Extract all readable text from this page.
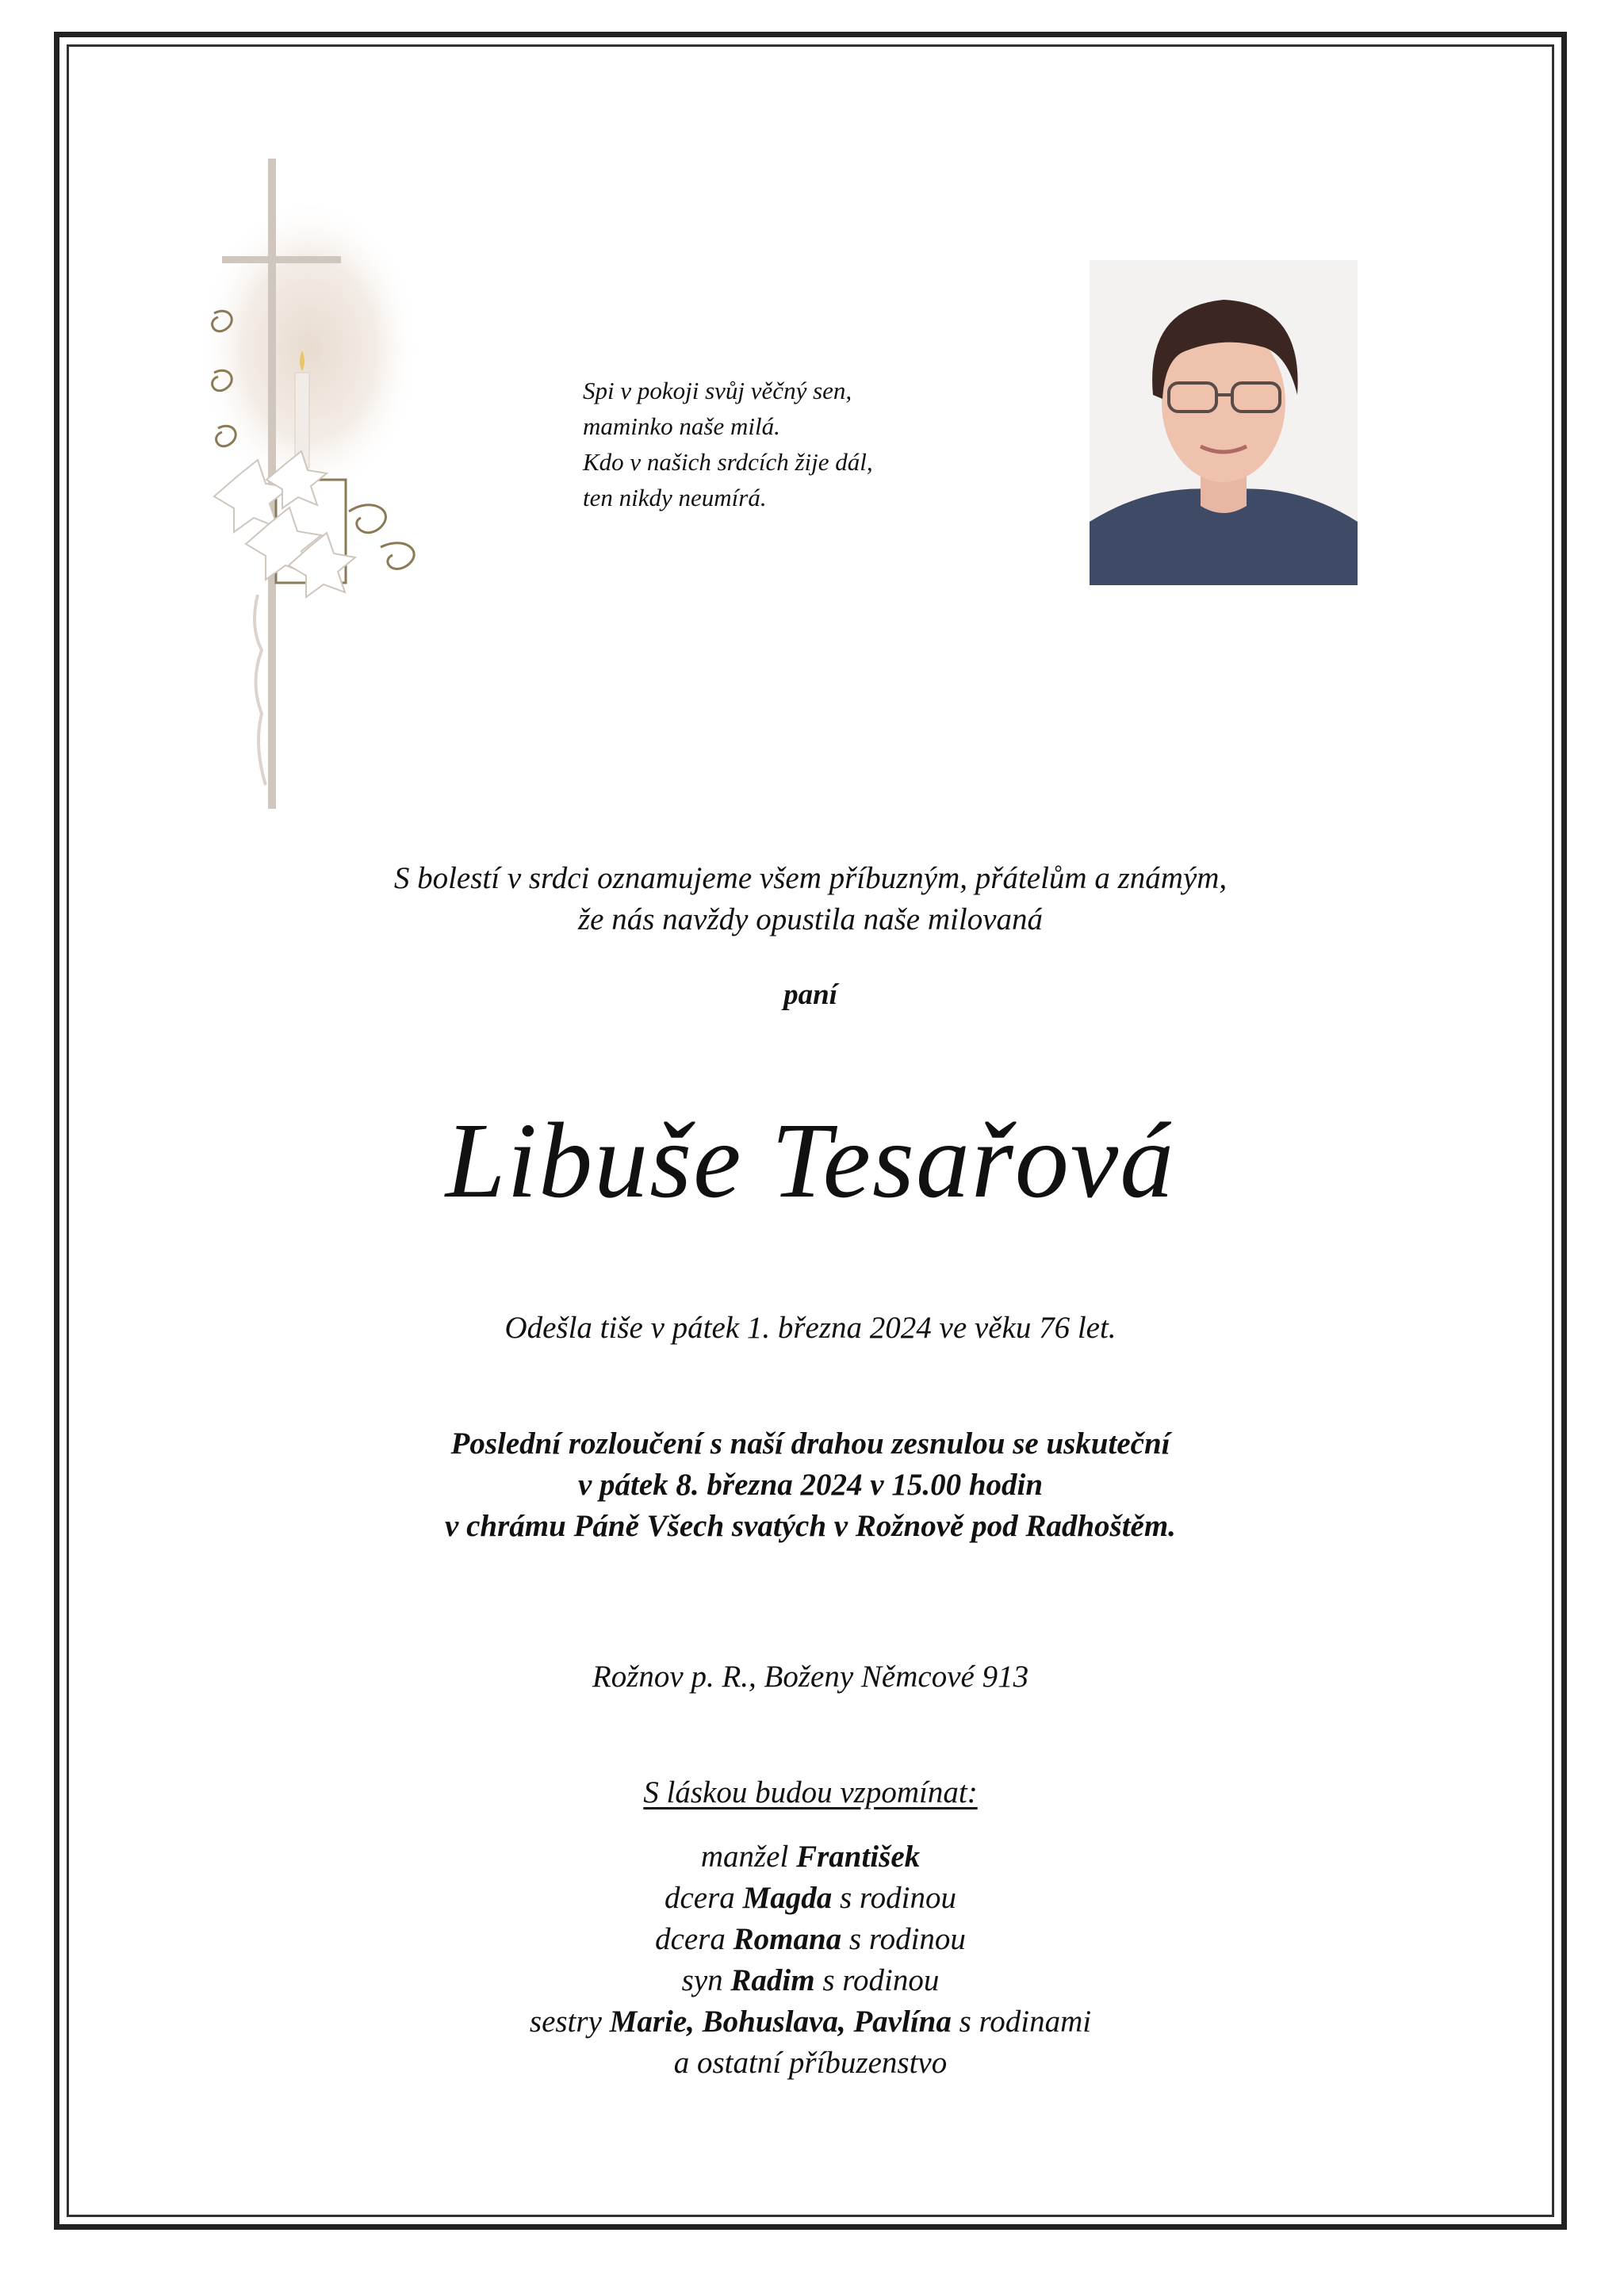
Spi v pokoji svůj věčný sen,
maminko naše milá.
Kdo v našich srdcích žije dál,
ten nikdy neumírá.
S bolestí v srdci oznamujeme všem příbuzným, přátelům a známým,
že nás navždy opustila naše milovaná
paní
Libuše Tesařová
Odešla tiše v pátek 1. března 2024 ve věku 76 let.
Poslední rozloučení s naší drahou zesnulou se uskuteční
v pátek 8. března 2024 v 15.00 hodin
v chrámu Páně Všech svatých v Rožnově pod Radhoštěm.
Rožnov p. R., Boženy Němcové 913
S láskou budou vzpomínat:
manžel František
dcera Magda s rodinou
dcera Romana s rodinou
syn Radim s rodinou
sestry Marie, Bohuslava, Pavlína s rodinami
a ostatní příbuzenstvo
